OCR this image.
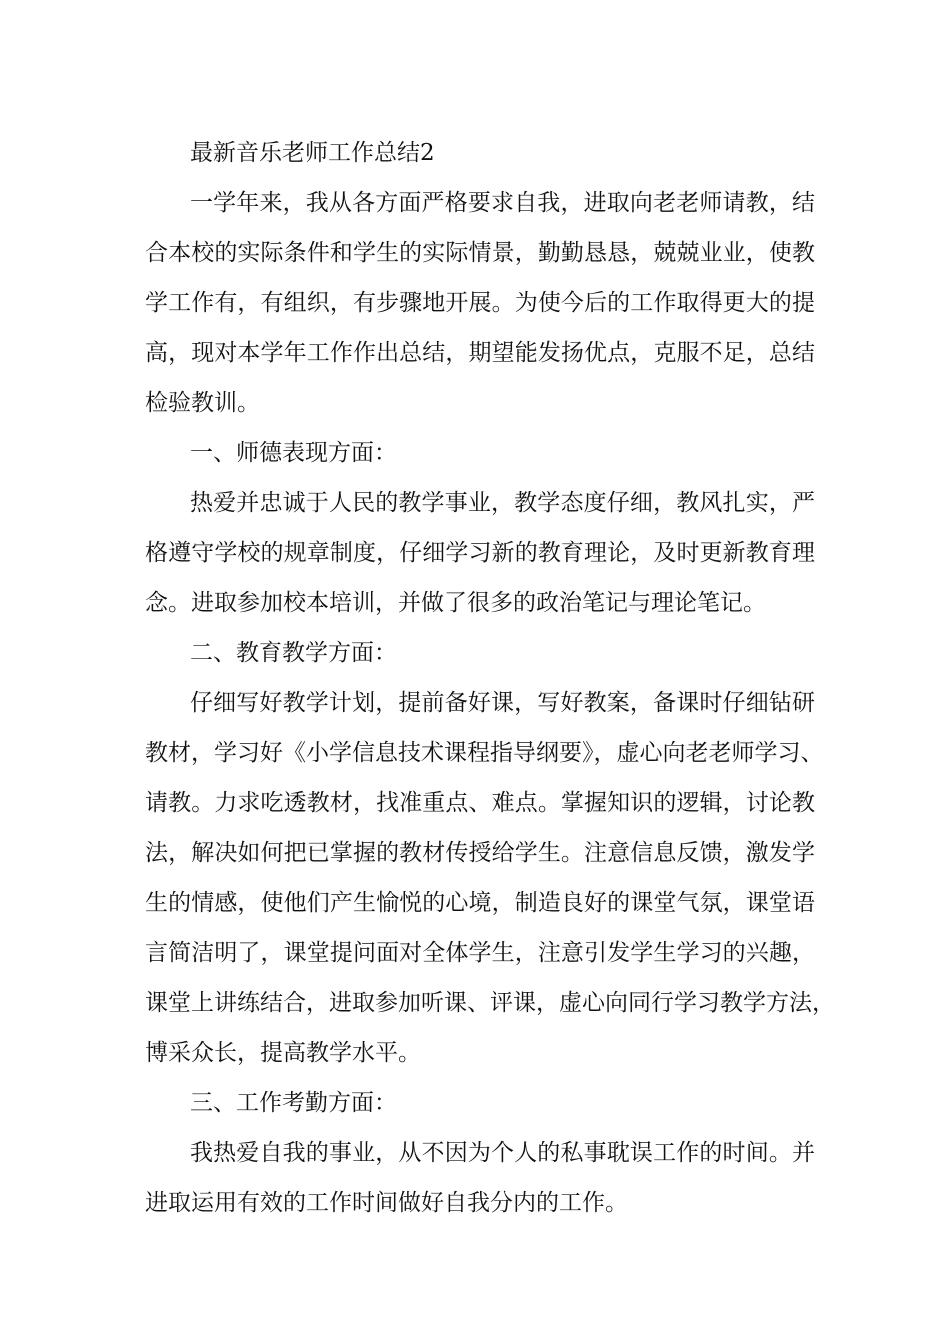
最新音乐老师工作总结2

一学年来，我从各方面严格要求自我，进取向老老师请教，结
合本校的实际条件和学生的实际情景，勤勤恳恳，兢兢业业，使教
学工作有，有组织，有步骤地开展。为使今后的工作取得更大的提
高，现对本学年工作作出总结，期望能发扬优点，克服不足，总结
检验教训。

一、师德表现方面：

热爱并忠诚于人民的教学事业，教学态度仔细，教风扎实，严
格遵守学校的规章制度，仔细学习新的教育理论，及时更新教育理
念。进取参加校本培训，并做了很多的政治笔记与理论笔记。

二、教育教学方面：

仔细写好教学计划，提前备好课，写好教案，备课时仔细钻研
教材，学习好《小学信息技术课程指导纲要》，虚心向老老师学习、
请教。力求吃透教材，找准重点、难点。掌握知识的逻辑，讨论教
法，解决如何把已掌握的教材传授给学生。注意信息反馈，激发学
生的情感，使他们产生愉悦的心境，制造良好的课堂气氛，课堂语
言简洁明了，课堂提问面对全体学生，注意引发学生学习的兴趣，
课堂上讲练结合，进取参加听课、评课，虚心向同行学习教学方法，
博采众长，提高教学水平。

三、工作考勤方面：

我热爱自我的事业，从不因为个人的私事耽误工作的时间。并
进取运用有效的工作时间做好自我分内的工作。
